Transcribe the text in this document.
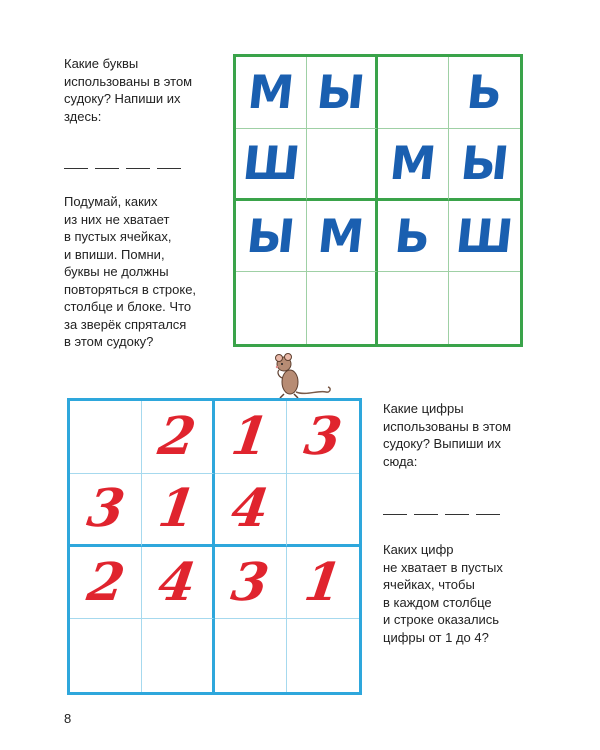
Какие буквы
использованы в этом
судоку? Напиши их
здесь:
Подумай, каких
из них не хватает
в пустых ячейках,
и впиши. Помни,
буквы не должны
повторяться в строке,
столбце и блоке. Что
за зверёк спрятался
в этом судоку?
М Ы Ь
Ш М Ы
Ы М Ь Ш
2 1 3
3 1 4
2 4 3 1
Какие цифры
использованы в этом
судоку? Выпиши их
сюда:
Каких цифр
не хватает в пустых
ячейках, чтобы
в каждом столбце
и строке оказались
цифры от 1 до 4?
8
